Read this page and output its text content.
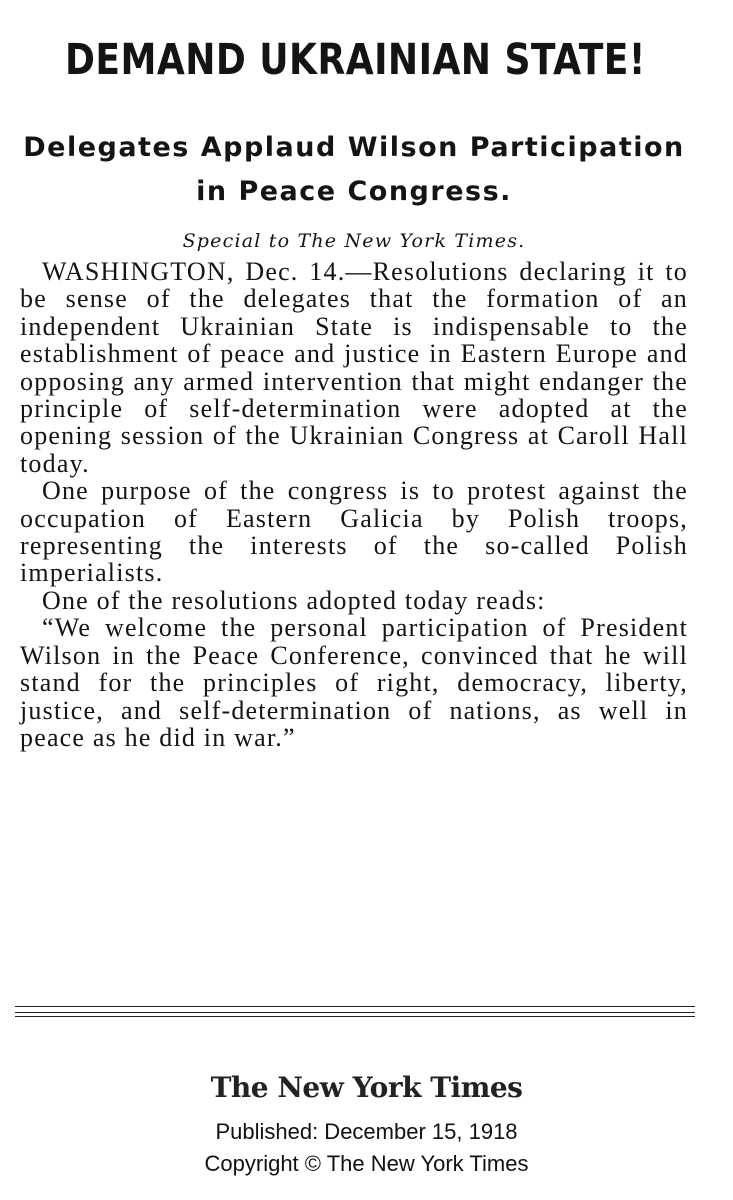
DEMAND UKRAINIAN STATE!
Delegates Applaud Wilson Participation in Peace Congress.
Special to The New York Times.

WASHINGTON, Dec. 14.—Resolutions declaring it to be sense of the delegates that the formation of an independent Ukrainian State is indispensable to the establishment of peace and justice in Eastern Europe and opposing any armed intervention that might endanger the principle of self-determination were adopted at the opening session of the Ukrainian Congress at Caroll Hall today.

One purpose of the congress is to protest against the occupation of Eastern Galicia by Polish troops, representing the interests of the so-called Polish imperialists.

One of the resolutions adopted today reads:

“We welcome the personal participation of President Wilson in the Peace Conference, convinced that he will stand for the principles of right, democracy, liberty, justice, and self-determination of nations, as well in peace as he did in war.”

The New York Times
Published: December 15, 1918
Copyright © The New York Times
